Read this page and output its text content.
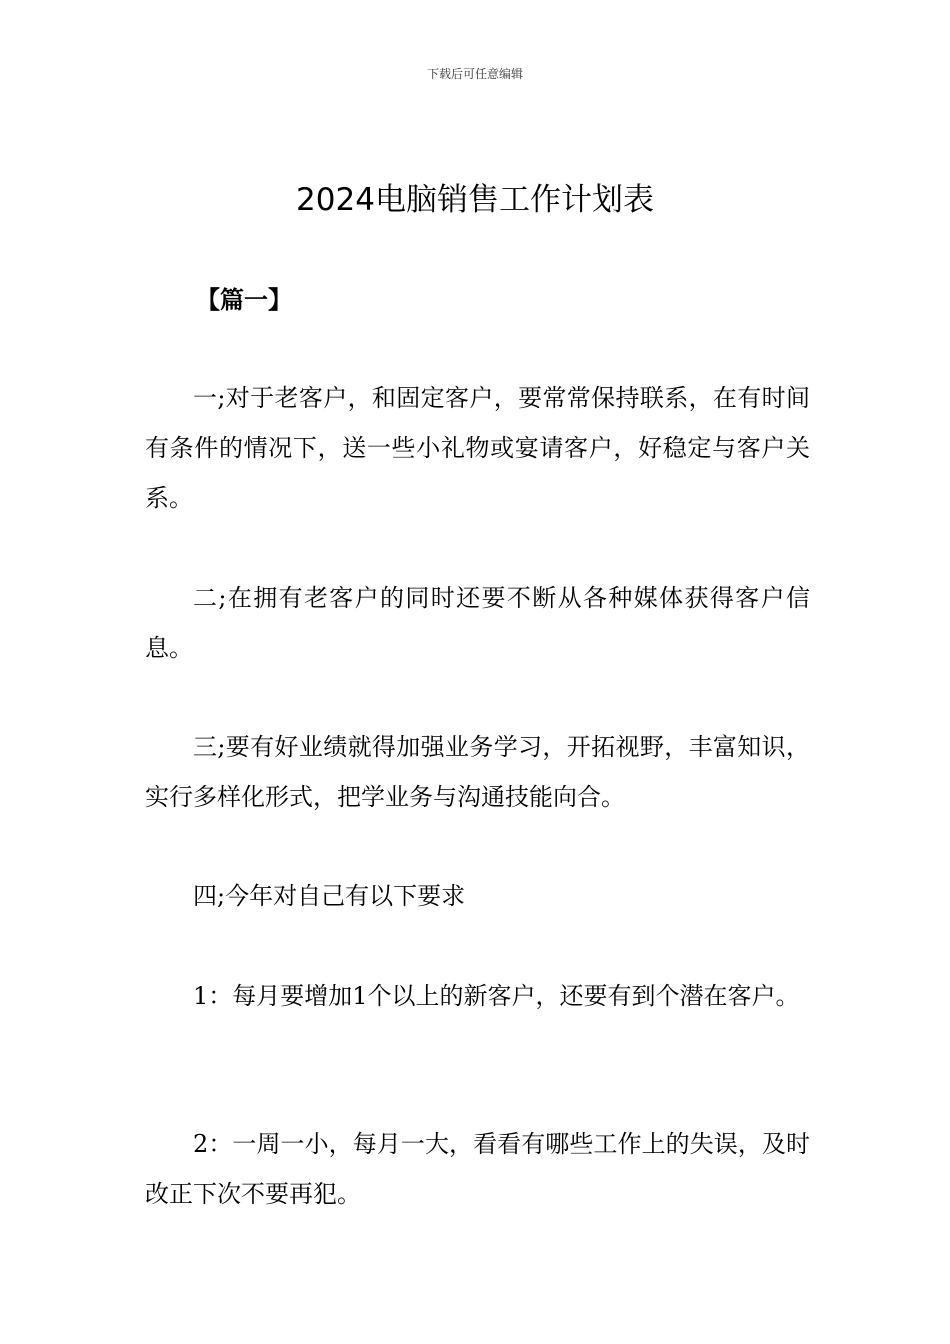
下载后可任意编辑
2024电脑销售工作计划表
【篇一】

一;对于老客户，和固定客户，要常常保持联系，在有时间有条件的情况下，送一些小礼物或宴请客户，好稳定与客户关系。

二;在拥有老客户的同时还要不断从各种媒体获得客户信息。

三;要有好业绩就得加强业务学习，开拓视野，丰富知识，实行多样化形式，把学业务与沟通技能向合。

四;今年对自己有以下要求

1：每月要增加1个以上的新客户，还要有到个潜在客户。

2：一周一小，每月一大，看看有哪些工作上的失误，及时改正下次不要再犯。
